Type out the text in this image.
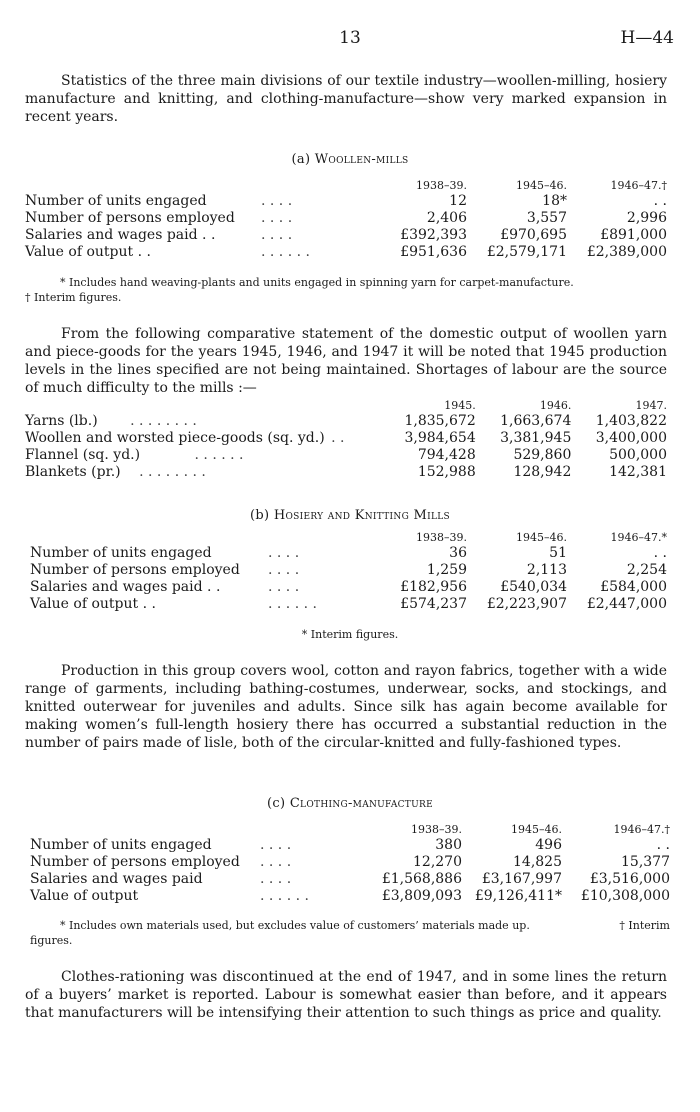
13	H—44

Statistics of the three main divisions of our textile industry—woollen-milling, hosiery manufacture and knitting, and clothing-manufacture—show very marked expansion in recent years.

(a) Woollen-mills
		1938–39.	1945–46.	1946–47.†
Number of units engaged	. . . .	12	18*	. .
Number of persons employed	. . . .	2,406	3,557	2,996
Salaries and wages paid . .	. . . .	£392,393	£970,695	£891,000
Value of output . .	. . . . . .	£951,636	£2,579,171	£2,389,000
* Includes hand weaving-plants and units engaged in spinning yarn for carpet-manufacture.
† Interim figures.

From the following comparative statement of the domestic output of woollen yarn and piece-goods for the years 1945, 1946, and 1947 it will be noted that 1945 production levels in the lines specified are not being maintained. Shortages of labour are the source of much difficulty to the mills :—

		1945.	1946.	1947.
Yarns (lb.) . . . . . . . .		1,835,672	1,663,674	1,403,822
Woollen and worsted piece-goods (sq. yd.) . .		3,984,654	3,381,945	3,400,000
Flannel (sq. yd.) . . . . . .		794,428	529,860	500,000
Blankets (pr.) . . . . . . . .		152,988	128,942	142,381
(b) Hosiery and Knitting Mills
		1938–39.	1945–46.	1946–47.*
Number of units engaged	. . . .	36	51	. .
Number of persons employed	. . . .	1,259	2,113	2,254
Salaries and wages paid . .	. . . .	£182,956	£540,034	£584,000
Value of output . .	. . . . . .	£574,237	£2,223,907	£2,447,000
* Interim figures.

Production in this group covers wool, cotton and rayon fabrics, together with a wide range of garments, including bathing-costumes, underwear, socks, and stockings, and knitted outerwear for juveniles and adults. Since silk has again become available for making women’s full-length hosiery there has occurred a substantial reduction in the number of pairs made of lisle, both of the circular-knitted and fully-fashioned types.

(c) Clothing-manufacture
		1938–39.	1945–46.	1946–47.†
Number of units engaged	. . . .	380	496	. .
Number of persons employed	. . . .	12,270	14,825	15,377
Salaries and wages paid	. . . .	£1,568,886	£3,167,997	£3,516,000
Value of output	. . . . . .	£3,809,093	£9,126,411*	£10,308,000
* Includes own materials used, but excludes value of customers’ materials made up.	† Interim
figures.

Clothes-rationing was discontinued at the end of 1947, and in some lines the return of a buyers’ market is reported. Labour is somewhat easier than before, and it appears that manufacturers will be intensifying their attention to such things as price and quality.
